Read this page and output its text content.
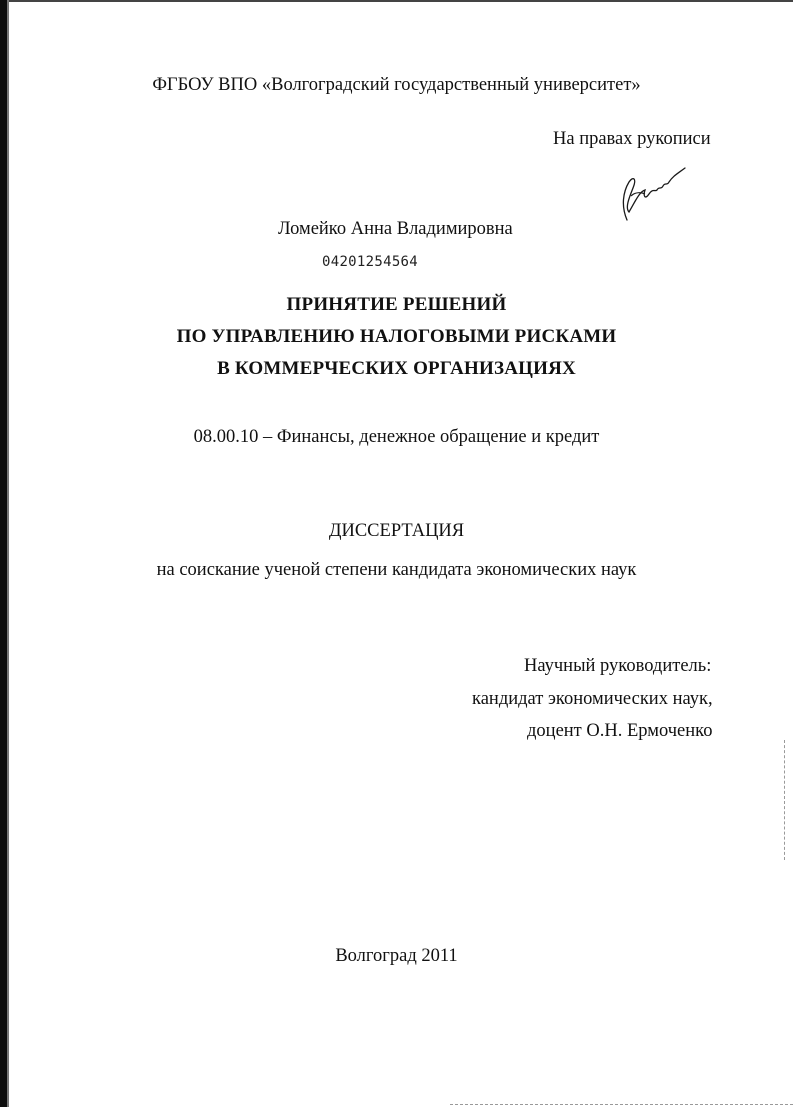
ФГБОУ ВПО «Волгоградский государственный университет»
На правах рукописи
Ломейко Анна Владимировна
04201254564
ПРИНЯТИЕ РЕШЕНИЙ
ПО УПРАВЛЕНИЮ НАЛОГОВЫМИ РИСКАМИ
В КОММЕРЧЕСКИХ ОРГАНИЗАЦИЯХ
08.00.10 – Финансы, денежное обращение и кредит
ДИССЕРТАЦИЯ
на соискание ученой степени кандидата экономических наук
Научный руководитель:
кандидат экономических наук,
доцент О.Н. Ермоченко
Волгоград 2011
